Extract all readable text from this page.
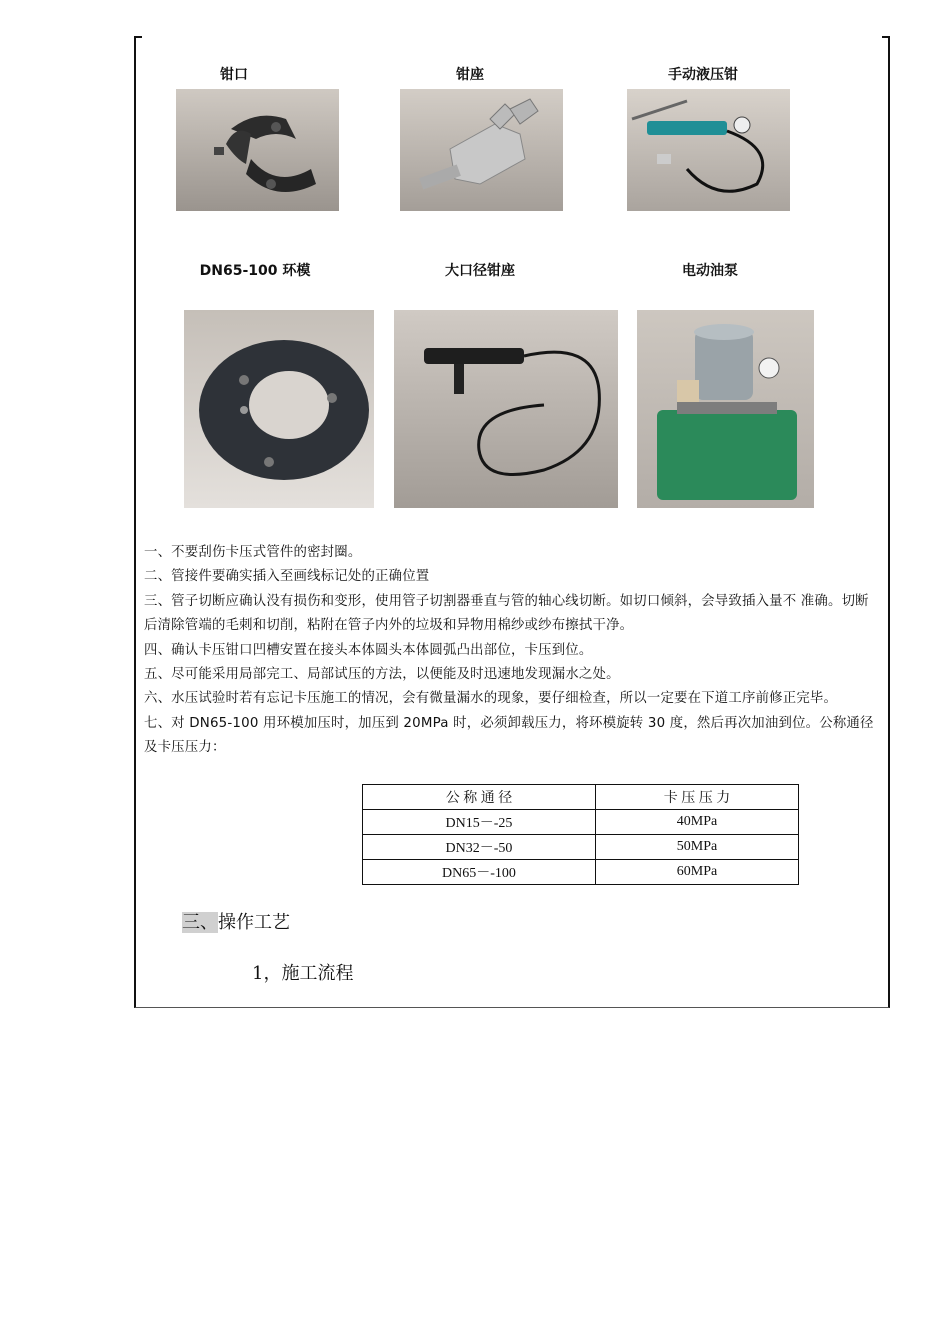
钳口	钳座	手动液压钳
DN65-100 环模	大口径钳座	电动油泵

一、不要刮伤卡压式管件的密封圈。

二、管接件要确实插入至画线标记处的正确位置

三、管子切断应确认没有损伤和变形，使用管子切割器垂直与管的轴心线切断。如切口倾斜，会导致插入量不 准确。切断后清除管端的毛刺和切削，粘附在管子内外的垃圾和异物用棉纱或纱布擦拭干净。

四、确认卡压钳口凹槽安置在接头本体圆头本体圆弧凸出部位，卡压到位。

五、尽可能采用局部完工、局部试压的方法，以便能及时迅速地发现漏水之处。

六、水压试验时若有忘记卡压施工的情况，会有微量漏水的现象，要仔细检查，所以一定要在下道工序前修正完毕。

七、对 DN65-100 用环模加压时，加压到 20MPa 时，必须卸载压力，将环模旋转 30 度，然后再次加油到位。公称通径及卡压压力：

公 称 通 径	卡 压 压 力
DN15－-25	40MPa
DN32－-50	50MPa
DN65－-100	60MPa
三、操作工艺
1，施工流程
